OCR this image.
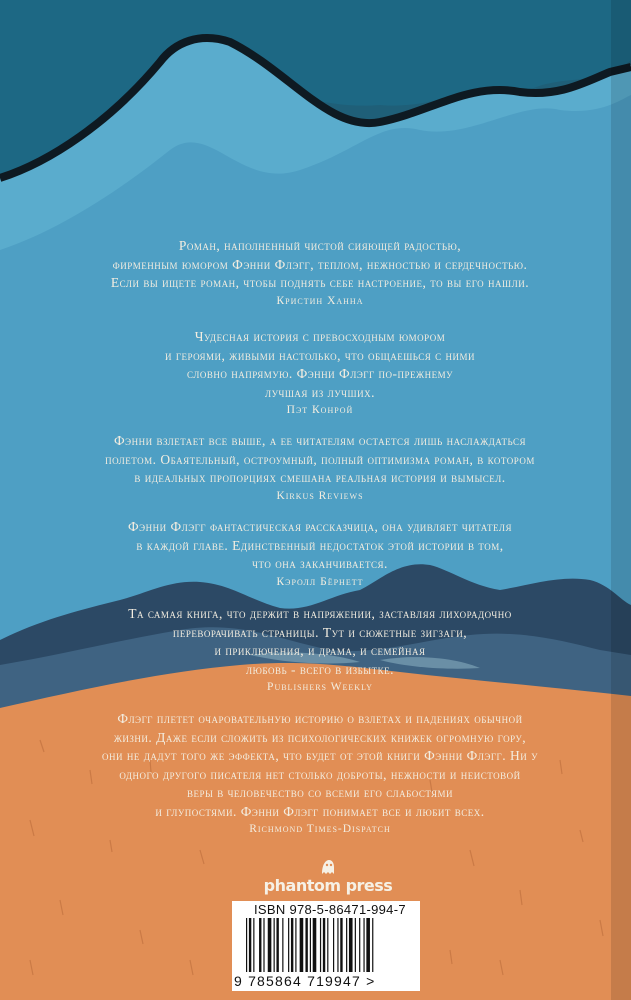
Роман, наполненный чистой сияющей радостью,
фирменным юмором Фэнни Флэгг, теплом, нежностью и сердечностью.
Если вы ищете роман, чтобы поднять себе настроение, то вы его нашли.

Кристин Ханна

Чудесная история с превосходным юмором
и героями, живыми настолько, что общаешься с ними
словно напрямую. Фэнни Флэгг по-прежнему
лучшая из лучших.

Пэт Конрой

Фэнни взлетает все выше, а ее читателям остается лишь наслаждаться
полетом. Обаятельный, остроумный, полный оптимизма роман, в котором
в идеальных пропорциях смешана реальная история и вымысел.

Kirkus Reviews

Фэнни Флэгг фантастическая рассказчица, она удивляет читателя
в каждой главе. Единственный недостаток этой истории в том,
что она заканчивается.

Кэролл Бёрнетт

Та самая книга, что держит в напряжении, заставляя лихорадочно
переворачивать страницы. Тут и сюжетные зигзаги,
и приключения, и драма, и семейная
любовь - всего в избытке.

Publishers Weekly

Флэгг плетет очаровательную историю о взлетах и падениях обычной
жизни. Даже если сложить из психологических книжек огромную гору,
они не дадут того же эффекта, что будет от этой книги Фэнни Флэгг. Ни у
одного другого писателя нет столько доброты, нежности и неистовой
веры в человечество со всеми его слабостями
и глупостями. Фэнни Флэгг понимает все и любит всех.

Richmond Times-Dispatch

phantom press
ISBN 978-5-86471-994-7
9 785864 719947 >
